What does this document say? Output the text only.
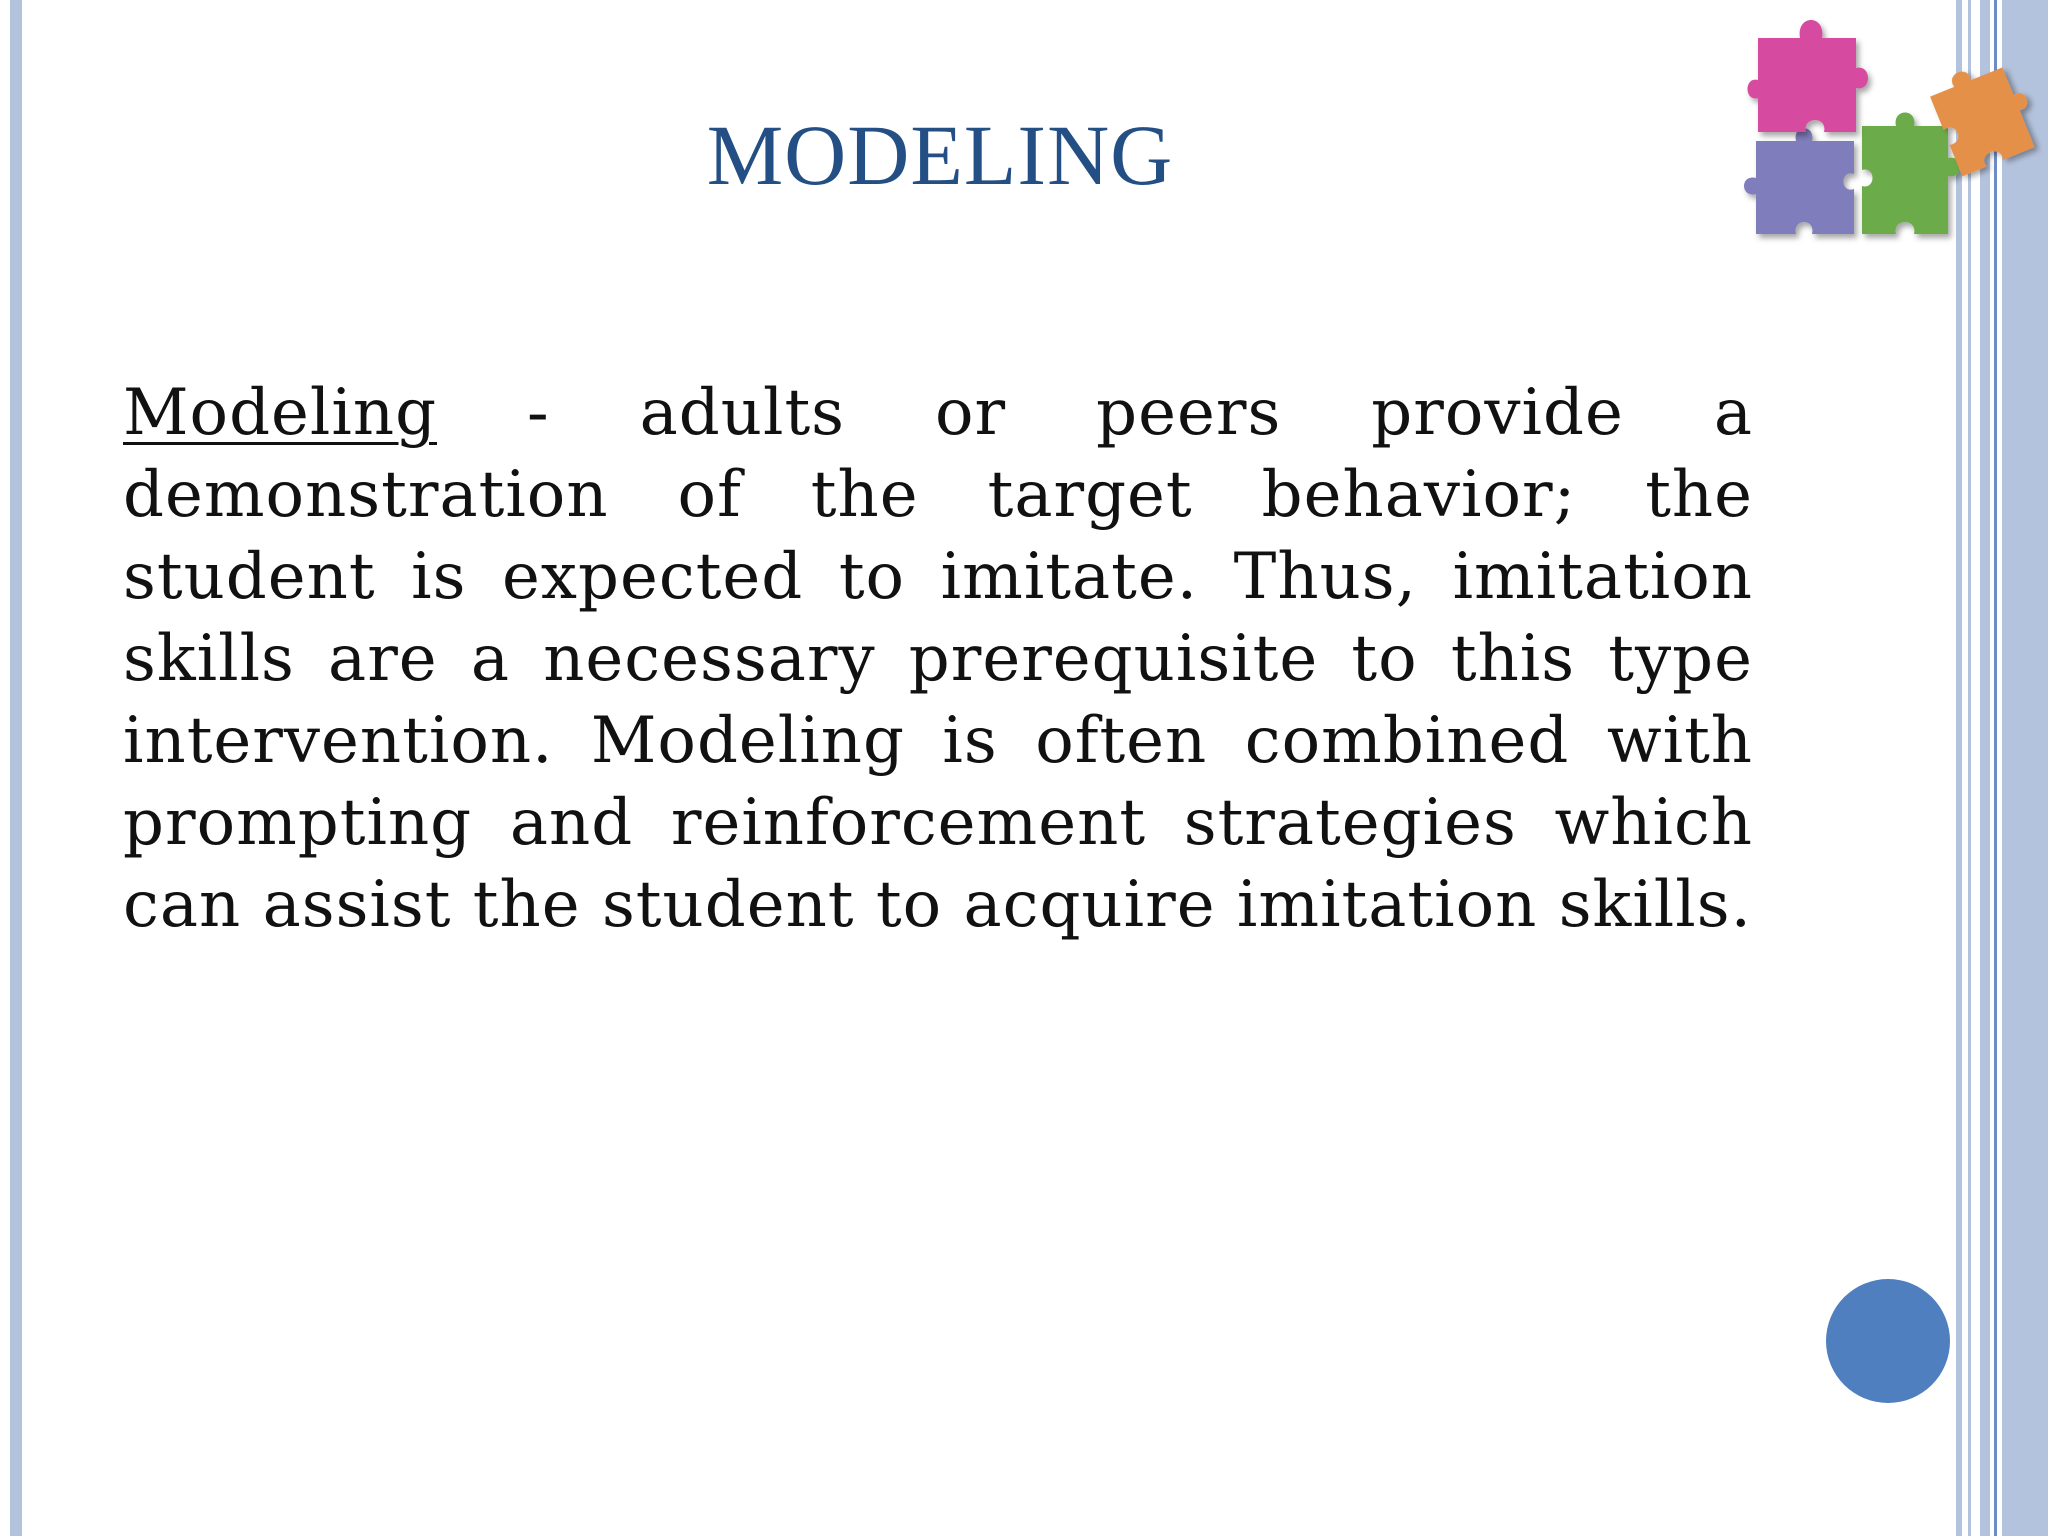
MODELING
Modeling - adults or peers provide a demonstration of the target behavior; the student is expected to imitate. Thus, imitation skills are a necessary prerequisite to this type intervention. Modeling is often combined with prompting and reinforcement strategies which can assist the student to acquire imitation skills.
